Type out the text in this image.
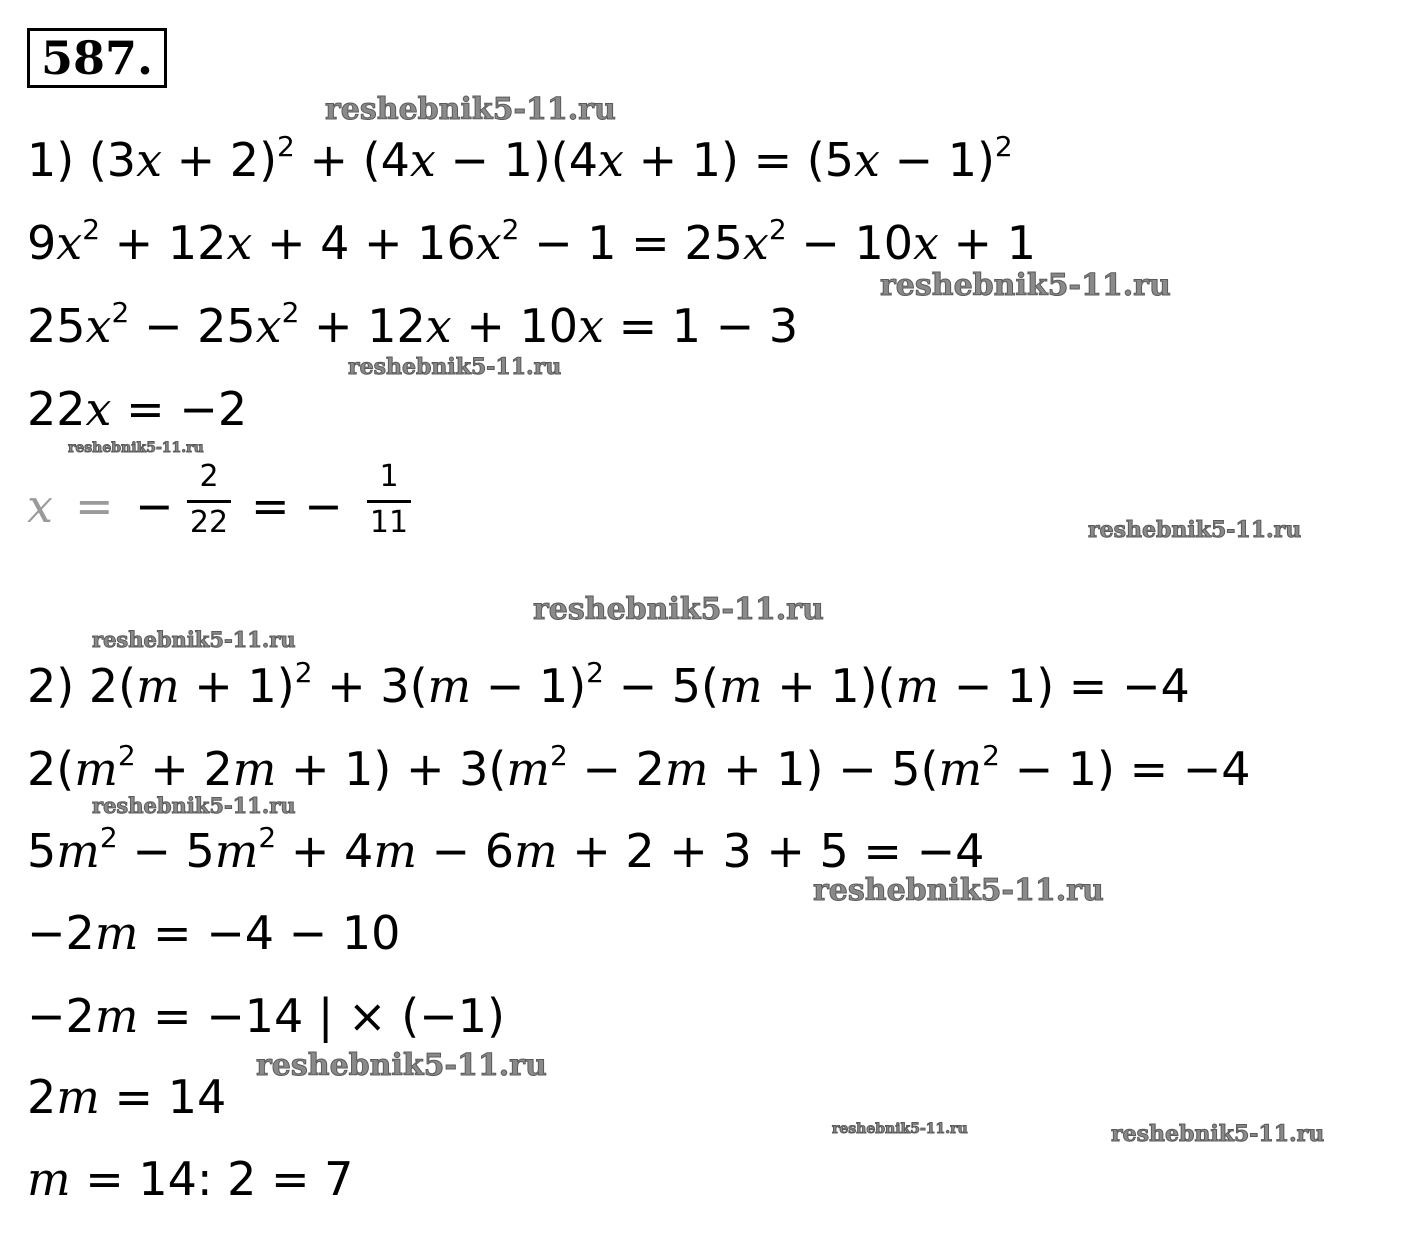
587.
1) $(3x + 2)^2 + (4x - 1)(4x + 1) = (5x - 1)^2$
$9x^2 + 12x + 4 + 16x^2 - 1 = 25x^2 - 10x + 1$
$25x^2 - 25x^2 + 12x + 10x = 1 - 3$
22x = −2
x = −
2
22 = −
1
11
2) $2(m + 1)^2 + 3(m - 1)^2 - 5(m + 1)(m - 1) = -4$
$2(m^2 + 2m + 1) + 3(m^2 - 2m + 1) - 5(m^2 - 1) = -4$
$5m^2 - 5m^2 + 4m - 6m + 2 + 3 + 5 = -4$
−2m = −4 − 10
−2m = −14 | × (−1)
2m = 14
m = 14: 2 = 7
reshebnik5-11.ru
reshebnik5-11.ru
reshebnik5-11.ru
reshebnik5-11.ru
reshebnik5-11.ru
reshebnik5-11.ru
reshebnik5-11.ru
reshebnik5-11.ru
reshebnik5-11.ru
reshebnik5-11.ru
reshebnik5-11.ru	reshebnik5-11.ru
